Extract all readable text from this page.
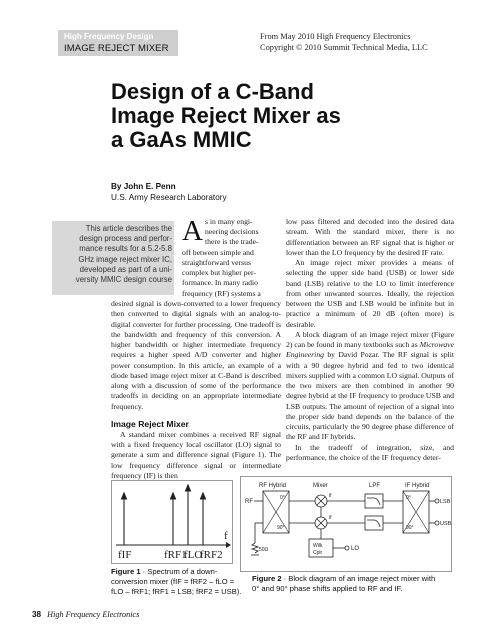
High Frequency Design
IMAGE REJECT MIXER
From May 2010 High Frequency Electronics
Copyright © 2010 Summit Technical Media, LLC
Design of a C-Band
Image Reject Mixer as
a GaAs MMIC
By John E. Penn
U.S. Army Research Laboratory

This article describes the
design process and perfor-
mance results for a 5.2-5.8
GHz image reject mixer IC,
developed as part of a uni-
versity MMIC design course

A s in many engi-
neering decisions
there is the trade-
off between simple and
straightforward versus
complex but higher per-
formance. In many radio
frequency (RF) systems a

desired signal is down-converted to a lower frequency then converted to digital signals with an analog-to-digital converter for further processing. One tradeoff is the bandwidth and frequency of this conversion. A higher bandwidth or higher intermediate frequency requires a higher speed A/D converter and higher power consumption. In this article, an example of a diode based image reject mixer at C-Band is described along with a discussion of some of the performance tradeoffs in deciding on an appropriate intermediate frequency.

Image Reject Mixer

A standard mixer combines a received RF signal with a fixed frequency local oscillator (LO) signal to generate a sum and difference signal (Figure 1). The low frequency difference signal or intermediate frequency (IF) is then

low pass filtered and decoded into the desired data stream. With the standard mixer, there is no differentiation between an RF signal that is higher or lower than the LO frequency by the desired IF rate.

An image reject mixer provides a means of selecting the upper side band (USB) or lower side band (LSB) relative to the LO to limit interference from other unwanted sources. Ideally, the rejection between the USB and LSB would be infinite but in practice a minimum of 20 dB (often more) is desirable.

A block diagram of an image reject mixer (Figure 2) can be found in many textbooks such as Microwave Engineering by David Pozar. The RF signal is split with a 90 degree hybrid and fed to two identical mixers supplied with a common LO signal. Outputs of the two mixers are then combined in another 90 degree hybrid at the IF frequency to produce USB and LSB outputs. The amount of rejection of a signal into the proper side band depends on the balance of the circuits, particularly the 90 degree phase difference of the RF and IF hybrids.

In the tradeoff of integration, size, and performance, the choice of the IF frequency deter-

fIF	fRF1
fLO
fRF2
f
Figure 1 · Spectrum of a down-
conversion mixer (fIF = fRF2 – fLO =
fLO – fRF1; fRF1 = LSB; fRF2 = USB).
RF Hybrid	Mixer	LPF	IF Hybrid
0°
90°
RF
50Ω
if
if
Wilk
Cplr
LO
0°
90°
LSB
USB
Figure 2 · Block diagram of an image reject mixer with
0° and 90° phase shifts applied to RF and IF.
38 High Frequency Electronics
